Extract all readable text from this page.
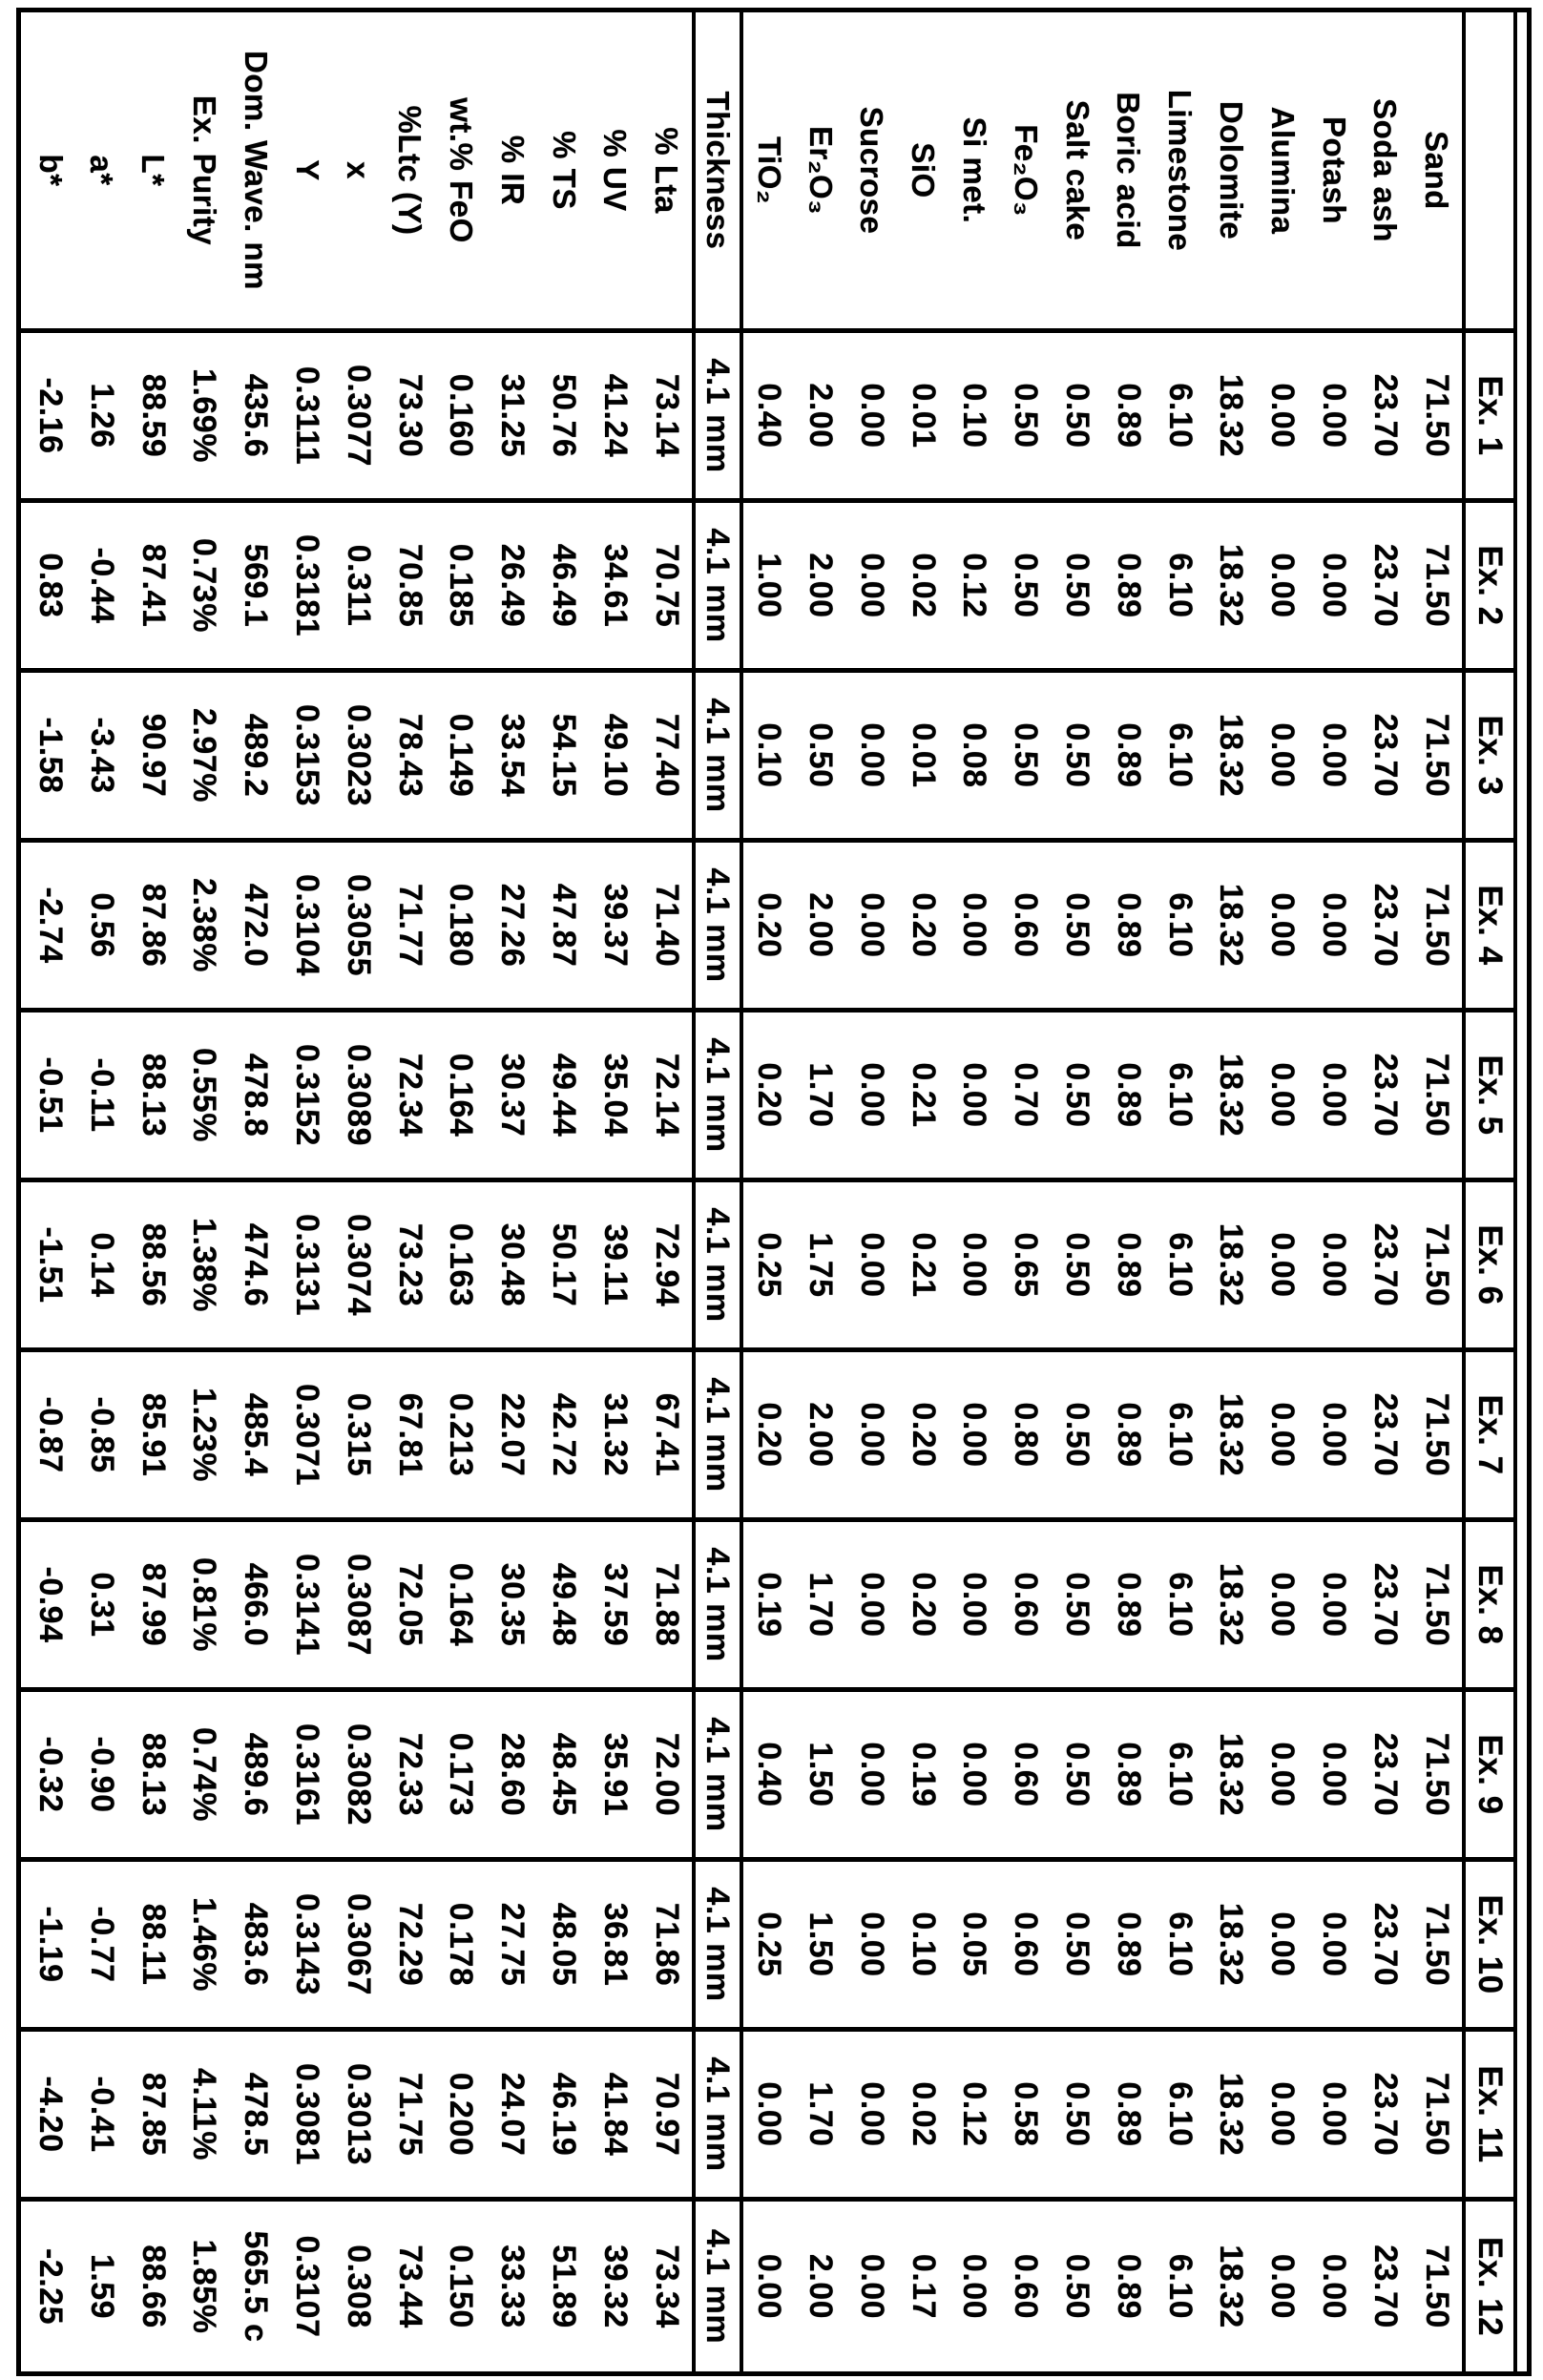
Sand
Soda ash
Potash
Alumina
Dolomite
Limestone
Boric acid
Salt cake
Fe₂O₃
Si met.
SiO
Sucrose
Er₂O₃
TiO₂
Thickness
% Lta
% UV
% TS
% IR
wt.% FeO
%Ltc (Y)
x
Y
Dom. Wave. nm
Ex. Purity
L*
a*
b*
Ex. 1
71.50
23.70
0.00
0.00
18.32
6.10
0.89
0.50
0.50
0.10
0.01
0.00
2.00
0.40
4.1 mm
73.14
41.24
50.76
31.25
0.160
73.30
0.3077
0.3111
435.6
1.69%
88.59
1.26
-2.16
Ex. 2
71.50
23.70
0.00
0.00
18.32
6.10
0.89
0.50
0.50
0.12
0.02
0.00
2.00
1.00
4.1 mm
70.75
34.61
46.49
26.49
0.185
70.85
0.311
0.3181
569.1
0.73%
87.41
-0.44
0.83
Ex. 3
71.50
23.70
0.00
0.00
18.32
6.10
0.89
0.50
0.50
0.08
0.01
0.00
0.50
0.10
4.1 mm
77.40
49.10
54.15
33.54
0.149
78.43
0.3023
0.3153
489.2
2.97%
90.97
-3.43
-1.58
Ex. 4
71.50
23.70
0.00
0.00
18.32
6.10
0.89
0.50
0.60
0.00
0.20
0.00
2.00
0.20
4.1 mm
71.40
39.37
47.87
27.26
0.180
71.77
0.3055
0.3104
472.0
2.38%
87.86
0.56
-2.74
Ex. 5
71.50
23.70
0.00
0.00
18.32
6.10
0.89
0.50
0.70
0.00
0.21
0.00
1.70
0.20
4.1 mm
72.14
35.04
49.44
30.37
0.164
72.34
0.3089
0.3152
478.8
0.55%
88.13
-0.11
-0.51
Ex. 6
71.50
23.70
0.00
0.00
18.32
6.10
0.89
0.50
0.65
0.00
0.21
0.00
1.75
0.25
4.1 mm
72.94
39.11
50.17
30.48
0.163
73.23
0.3074
0.3131
474.6
1.38%
88.56
0.14
-1.51
Ex. 7
71.50
23.70
0.00
0.00
18.32
6.10
0.89
0.50
0.80
0.00
0.20
0.00
2.00
0.20
4.1 mm
67.41
31.32
42.72
22.07
0.213
67.81
0.315
0.3071
485.4
1.23%
85.91
-0.85
-0.87
Ex. 8
71.50
23.70
0.00
0.00
18.32
6.10
0.89
0.50
0.60
0.00
0.20
0.00
1.70
0.19
4.1 mm
71.88
37.59
49.48
30.35
0.164
72.05
0.3087
0.3141
466.0
0.81%
87.99
0.31
-0.94
Ex. 9
71.50
23.70
0.00
0.00
18.32
6.10
0.89
0.50
0.60
0.00
0.19
0.00
1.50
0.40
4.1 mm
72.00
35.91
48.45
28.60
0.173
72.33
0.3082
0.3161
489.6
0.74%
88.13
-0.90
-0.32
Ex. 10
71.50
23.70
0.00
0.00
18.32
6.10
0.89
0.50
0.60
0.05
0.10
0.00
1.50
0.25
4.1 mm
71.86
36.81
48.05
27.75
0.178
72.29
0.3067
0.3143
483.6
1.46%
88.11
-0.77
-1.19
Ex. 11
71.50
23.70
0.00
0.00
18.32
6.10
0.89
0.50
0.58
0.12
0.02
0.00
1.70
0.00
4.1 mm
70.97
41.84
46.19
24.07
0.200
71.75
0.3013
0.3081
478.5
4.11%
87.85
-0.41
-4.20
Ex. 12
71.50
23.70
0.00
0.00
18.32
6.10
0.89
0.50
0.60
0.00
0.17
0.00
2.00
0.00
4.1 mm
73.34
39.32
51.89
33.33
0.150
73.44
0.308
0.3107
565.5 c
1.85%
88.66
1.59
-2.25
